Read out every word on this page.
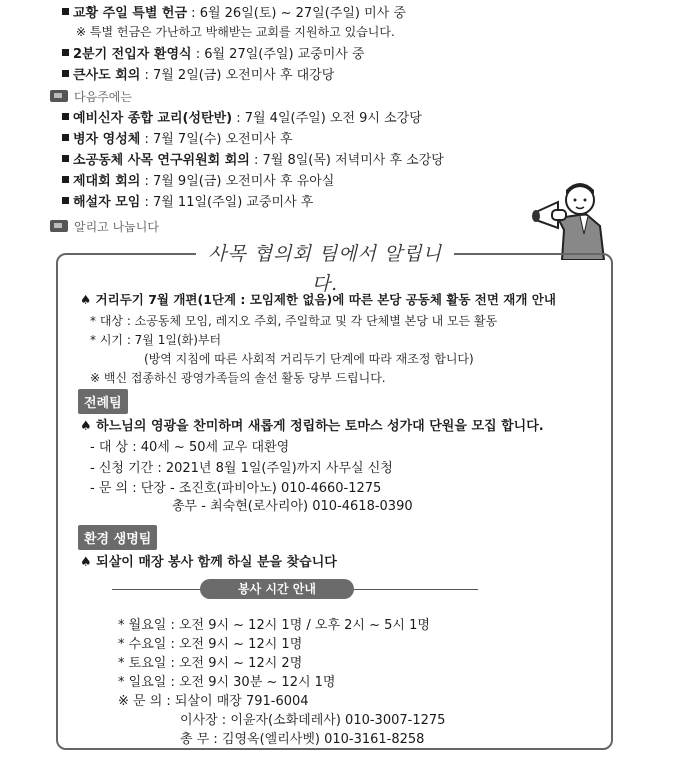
교황 주일 특별 헌금 : 6월 26일(토) ~ 27일(주일) 미사 중
※ 특별 헌금은 가난하고 박해받는 교회를 지원하고 있습니다.
2분기 전입자 환영식 : 6월 27일(주일) 교중미사 중
큰사도 회의 : 7월 2일(금) 오전미사 후 대강당
다음주에는
예비신자 종합 교리(성탄반) : 7월 4일(주일) 오전 9시 소강당
병자 영성체 : 7월 7일(수) 오전미사 후
소공동체 사목 연구위원회 회의 : 7월 8일(목) 저녁미사 후 소강당
제대회 회의 : 7월 9일(금) 오전미사 후 유아실
해설자 모임 : 7월 11일(주일) 교중미사 후
알리고 나눕니다
사목 협의회 팀에서 알립니다.
♠ 거리두기 7월 개편(1단계 : 모임제한 없음)에 따른 본당 공동체 활동 전면 재개 안내
* 대상 : 소공동체 모임, 레지오 주회, 주일학교 및 각 단체별 본당 내 모든 활동
* 시기 : 7월 1일(화)부터
(방역 지침에 따른 사회적 거리두기 단계에 따라 재조정 합니다)
※ 백신 접종하신 광영가족들의 솔선 활동 당부 드립니다.
전례팀
♠ 하느님의 영광을 찬미하며 새롭게 정립하는 토마스 성가대 단원을 모집 합니다.
- 대 상 : 40세 ~ 50세 교우 대환영
- 신청 기간 : 2021년 8월 1일(주일)까지 사무실 신청
- 문 의 : 단장 - 조진호(파비아노) 010-4660-1275
총무 - 최숙현(로사리아) 010-4618-0390
환경 생명팀
♠ 되살이 매장 봉사 함께 하실 분을 찾습니다
봉사 시간 안내
* 월요일 : 오전 9시 ~ 12시 1명 / 오후 2시 ~ 5시 1명
* 수요일 : 오전 9시 ~ 12시 1명
* 토요일 : 오전 9시 ~ 12시 2명
* 일요일 : 오전 9시 30분 ~ 12시 1명
※ 문 의 : 되살이 매장 791-6004
이사장 : 이윤자(소화데레사) 010-3007-1275
총 무 : 김영옥(엘리사벳) 010-3161-8258
